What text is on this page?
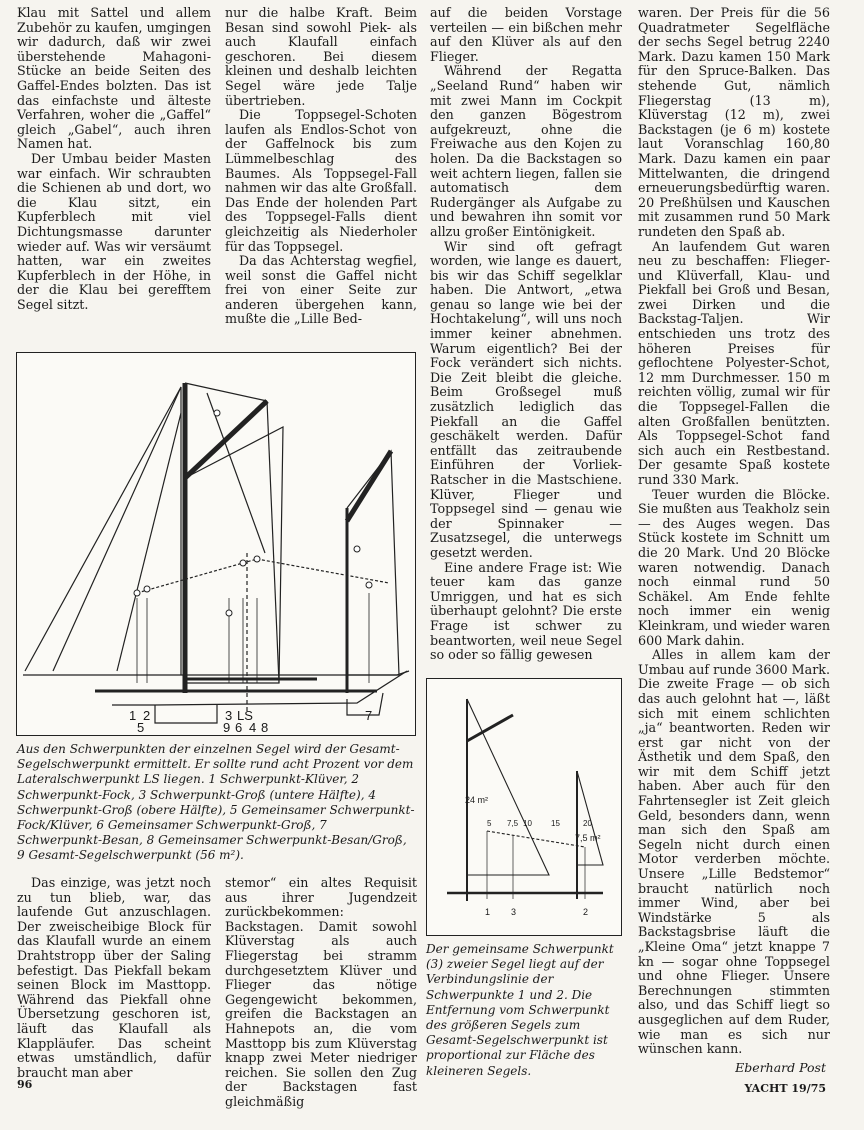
Klau mit Sattel und allem Zubehör zu kaufen, umgingen wir dadurch, daß wir zwei überstehende Mahagoni-Stücke an beide Seiten des Gaffel-Endes bolzten. Das ist das einfachste und älteste Verfahren, woher die „Gaffel“ gleich „Gabel“, auch ihren Namen hat.

Der Umbau beider Masten war einfach. Wir schraubten die Schienen ab und dort, wo die Klau sitzt, ein Kupferblech mit viel Dichtungsmasse darunter wieder auf. Was wir versäumt hatten, war ein zweites Kupferblech in der Höhe, in der die Klau bei gerefftem Segel sitzt.

nur die halbe Kraft. Beim Besan sind sowohl Piek- als auch Klaufall einfach geschoren. Bei diesem kleinen und deshalb leichten Segel wäre jede Talje übertrieben.

Die Toppsegel-Schoten laufen als Endlos-Schot von der Gaffelnock bis zum Lümmelbeschlag des Baumes. Als Toppsegel-Fall nahmen wir das alte Großfall. Das Ende der holenden Part des Toppsegel-Falls dient gleichzeitig als Niederholer für das Toppsegel.

Da das Achterstag wegfiel, weil sonst die Gaffel nicht frei von einer Seite zur anderen übergehen kann, mußte die „Lille Bed-

auf die beiden Vorstage verteilen — ein bißchen mehr auf den Klüver als auf den Flieger.

Während der Regatta „Seeland Rund“ haben wir mit zwei Mann im Cockpit den ganzen Bögestrom aufgekreuzt, ohne die Freiwache aus den Kojen zu holen. Da die Backstagen so weit achtern liegen, fallen sie automatisch dem Rudergänger als Aufgabe zu und bewahren ihn somit vor allzu großer Eintönigkeit.

Wir sind oft gefragt worden, wie lange es dauert, bis wir das Schiff segelklar haben. Die Antwort, „etwa genau so lange wie bei der Hochtakelung“, will uns noch immer keiner abnehmen. Warum eigentlich? Bei der Fock verändert sich nichts. Die Zeit bleibt die gleiche. Beim Großsegel muß zusätzlich lediglich das Piekfall an die Gaffel geschäkelt werden. Dafür entfällt das zeitraubende Einführen der Vorliek-Ratscher in die Mastschiene. Klüver, Flieger und Toppsegel sind — genau wie der Spinnaker — Zusatzsegel, die unterwegs gesetzt werden.

Eine andere Frage ist: Wie teuer kam das ganze Umriggen, und hat es sich überhaupt gelohnt? Die erste Frage ist schwer zu beantworten, weil neue Segel so oder so fällig gewesen

waren. Der Preis für die 56 Quadratmeter Segelfläche der sechs Segel betrug 2240 Mark. Dazu kamen 150 Mark für den Spruce-Balken. Das stehende Gut, nämlich Fliegerstag (13 m), Klüverstag (12 m), zwei Backstagen (je 6 m) kostete laut Voranschlag 160,80 Mark. Dazu kamen ein paar Mittelwanten, die dringend erneuerungsbedürftig waren. 20 Preßhülsen und Kauschen mit zusammen rund 50 Mark rundeten den Spaß ab.

An laufendem Gut waren neu zu beschaffen: Flieger- und Klüverfall, Klau- und Piekfall bei Groß und Besan, zwei Dirken und die Backstag-Taljen. Wir entschieden uns trotz des höheren Preises für geflochtene Polyester-Schot, 12 mm Durchmesser. 150 m reichten völlig, zumal wir für die Toppsegel-Fallen die alten Großfallen benützten. Als Toppsegel-Schot fand sich auch ein Restbestand. Der gesamte Spaß kostete rund 330 Mark.

Teuer wurden die Blöcke. Sie mußten aus Teakholz sein — des Auges wegen. Das Stück kostete im Schnitt um die 20 Mark. Und 20 Blöcke waren notwendig. Danach noch einmal rund 50 Schäkel. Am Ende fehlte noch immer ein wenig Kleinkram, und wieder waren 600 Mark dahin.

Alles in allem kam der Umbau auf runde 3600 Mark. Die zweite Frage — ob sich das auch gelohnt hat —, läßt sich mit einem schlichten „ja“ beantworten. Reden wir erst gar nicht von der Ästhetik und dem Spaß, den wir mit dem Schiff jetzt haben. Aber auch für den Fahrtensegler ist Zeit gleich Geld, besonders dann, wenn man sich den Spaß am Segeln nicht durch einen Motor verderben möchte. Unsere „Lille Bedstemor“ braucht natürlich noch immer Wind, aber bei Windstärke 5 als Backstagsbrise läuft die „Kleine Oma“ jetzt knappe 7 kn — sogar ohne Toppsegel und ohne Flieger. Unsere Berechnungen stimmten also, und das Schiff liegt so ausgeglichen auf dem Ruder, wie man es sich nur wünschen kann.

1 2	3 LS	7
5	9 6 4 8
Aus den Schwerpunkten der einzelnen Segel wird der Gesamt-Segelschwerpunkt ermittelt. Er sollte rund acht Prozent vor dem Lateralschwerpunkt LS liegen. 1 Schwerpunkt-Klüver, 2 Schwerpunkt-Fock, 3 Schwerpunkt-Groß (untere Hälfte), 4 Schwerpunkt-Groß (obere Hälfte), 5 Gemeinsamer Schwerpunkt-Fock/Klüver, 6 Gemeinsamer Schwerpunkt-Groß, 7 Schwerpunkt-Besan, 8 Gemeinsamer Schwerpunkt-Besan/Groß, 9 Gesamt-Segelschwerpunkt (56 m²).

Das einzige, was jetzt noch zu tun blieb, war, das laufende Gut anzuschlagen. Der zweischeibige Block für das Klaufall wurde an einem Drahtstropp über der Saling befestigt. Das Piekfall bekam seinen Block im Masttopp. Während das Piekfall ohne Übersetzung geschoren ist, läuft das Klaufall als Klappläufer. Das scheint etwas umständlich, dafür braucht man aber

stemor“ ein altes Requisit aus ihrer Jugendzeit zurückbekommen: Backstagen. Damit sowohl Klüverstag als auch Fliegerstag bei stramm durchgesetztem Klüver und Flieger das nötige Gegengewicht bekommen, greifen die Backstagen an Hahnepots an, die vom Masttopp bis zum Klüverstag knapp zwei Meter niedriger reichen. Sie sollen den Zug der Backstagen fast gleichmäßig

24 m²
7,5 m²
5 7,5 10 15	20
1 3	2
Der gemeinsame Schwerpunkt (3) zweier Segel liegt auf der Verbindungslinie der Schwerpunkte 1 und 2. Die Entfernung vom Schwerpunkt des größeren Segels zum Gesamt-Segelschwerpunkt ist proportional zur Fläche des kleineren Segels.	Eberhard Post
96	YACHT 19/75
